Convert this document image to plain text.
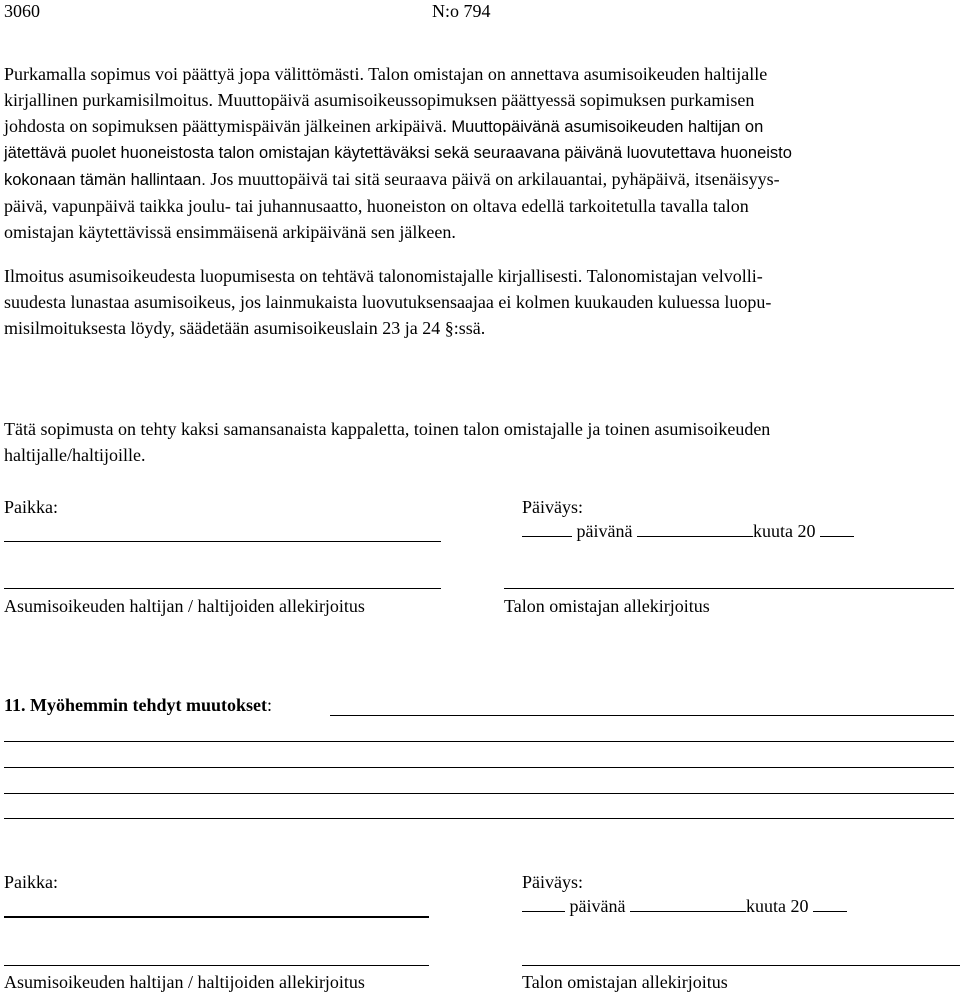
3060	N:o 794
Purkamalla sopimus voi päättyä jopa välittömästi. Talon omistajan on annettava asumisoikeuden haltijalle
kirjallinen purkamisilmoitus. Muuttopäivä asumisoikeussopimuksen päättyessä sopimuksen purkamisen
johdosta on sopimuksen päättymispäivän jälkeinen arkipäivä. Muuttopäivänä asumisoikeuden haltijan on
jätettävä puolet huoneistosta talon omistajan käytettäväksi sekä seuraavana päivänä luovutettava huoneisto
kokonaan tämän hallintaan. Jos muuttopäivä tai sitä seuraava päivä on arkilauantai, pyhäpäivä, itsenäisyys-
päivä, vapunpäivä taikka joulu- tai juhannusaatto, huoneiston on oltava edellä tarkoitetulla tavalla talon
omistajan käytettävissä ensimmäisenä arkipäivänä sen jälkeen.
Ilmoitus asumisoikeudesta luopumisesta on tehtävä talonomistajalle kirjallisesti. Talonomistajan velvolli-
suudesta lunastaa asumisoikeus, jos lainmukaista luovutuksensaajaa ei kolmen kuukauden kuluessa luopu-
misilmoituksesta löydy, säädetään asumisoikeuslain 23 ja 24 §:ssä.
Tätä sopimusta on tehty kaksi samansanaista kappaletta, toinen talon omistajalle ja toinen asumisoikeuden
haltijalle/haltijoille.
Paikka:	Päiväys:
päivänä	kuuta 20
Asumisoikeuden haltijan / haltijoiden allekirjoitus	Talon omistajan allekirjoitus
11. Myöhemmin tehdyt muutokset:
Paikka:	Päiväys:
päivänä	kuuta 20
Asumisoikeuden haltijan / haltijoiden allekirjoitus	Talon omistajan allekirjoitus
